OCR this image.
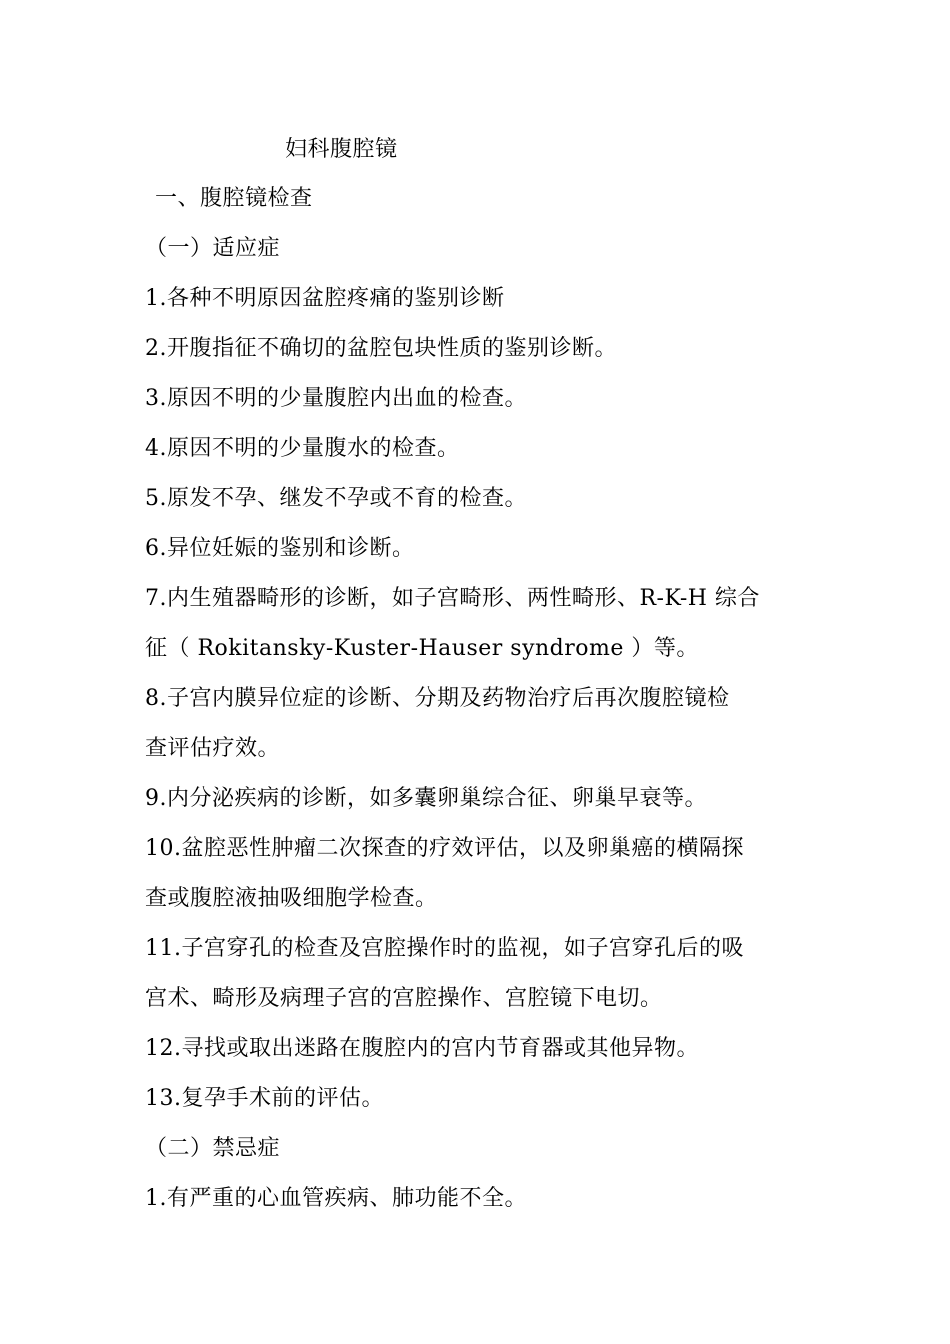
妇科腹腔镜
一、腹腔镜检查
（一）适应症
1.各种不明原因盆腔疼痛的鉴别诊断
2.开腹指征不确切的盆腔包块性质的鉴别诊断。
3.原因不明的少量腹腔内出血的检查。
4.原因不明的少量腹水的检查。
5.原发不孕、继发不孕或不育的检查。
6.异位妊娠的鉴别和诊断。
7.内生殖器畸形的诊断，如子宫畸形、两性畸形、R-K-H 综合
征（ Rokitansky-Kuster-Hauser syndrome ）等。
8.子宫内膜异位症的诊断、分期及药物治疗后再次腹腔镜检
查评估疗效。
9.内分泌疾病的诊断，如多囊卵巢综合征、卵巢早衰等。
10.盆腔恶性肿瘤二次探查的疗效评估，以及卵巢癌的横隔探
查或腹腔液抽吸细胞学检查。
11.子宫穿孔的检查及宫腔操作时的监视，如子宫穿孔后的吸
宫术、畸形及病理子宫的宫腔操作、宫腔镜下电切。
12.寻找或取出迷路在腹腔内的宫内节育器或其他异物。
13.复孕手术前的评估。
（二）禁忌症
1.有严重的心血管疾病、肺功能不全。
